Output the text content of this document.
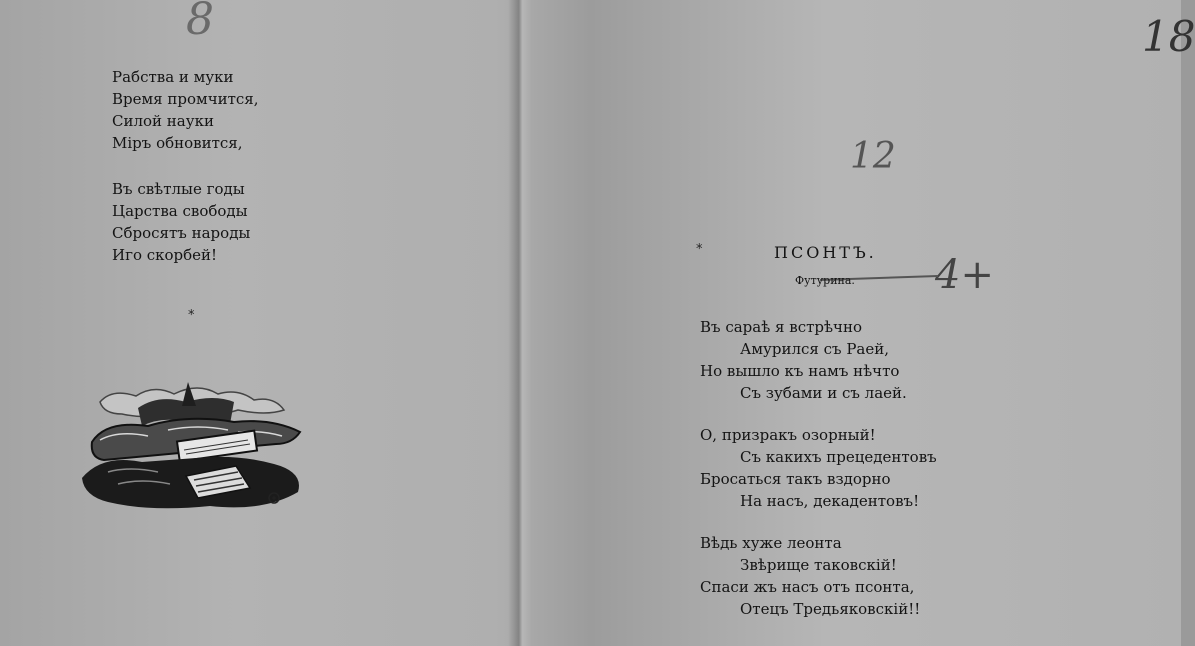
8
12
18
4+
Рабства и муки
Время промчится,
Силой науки
Міръ обновится,
Въ свѣтлые годы
Царства свободы
Сбросятъ народы
Иго скорбей!
*
*	ПСОНТЪ.
Футурина.
Въ сараѣ я встрѣчно
Амурился съ Раей,
Но вышло къ намъ нѣчто
Съ зубами и съ лаей.
О, призракъ озорный!
Съ какихъ прецедентовъ
Бросаться такъ вздорно
На насъ, декадентовъ!
Вѣдь хуже леонта
Звѣрище таковскій!
Спаси жъ насъ отъ псонта,
Отецъ Тредьяковскій!!
